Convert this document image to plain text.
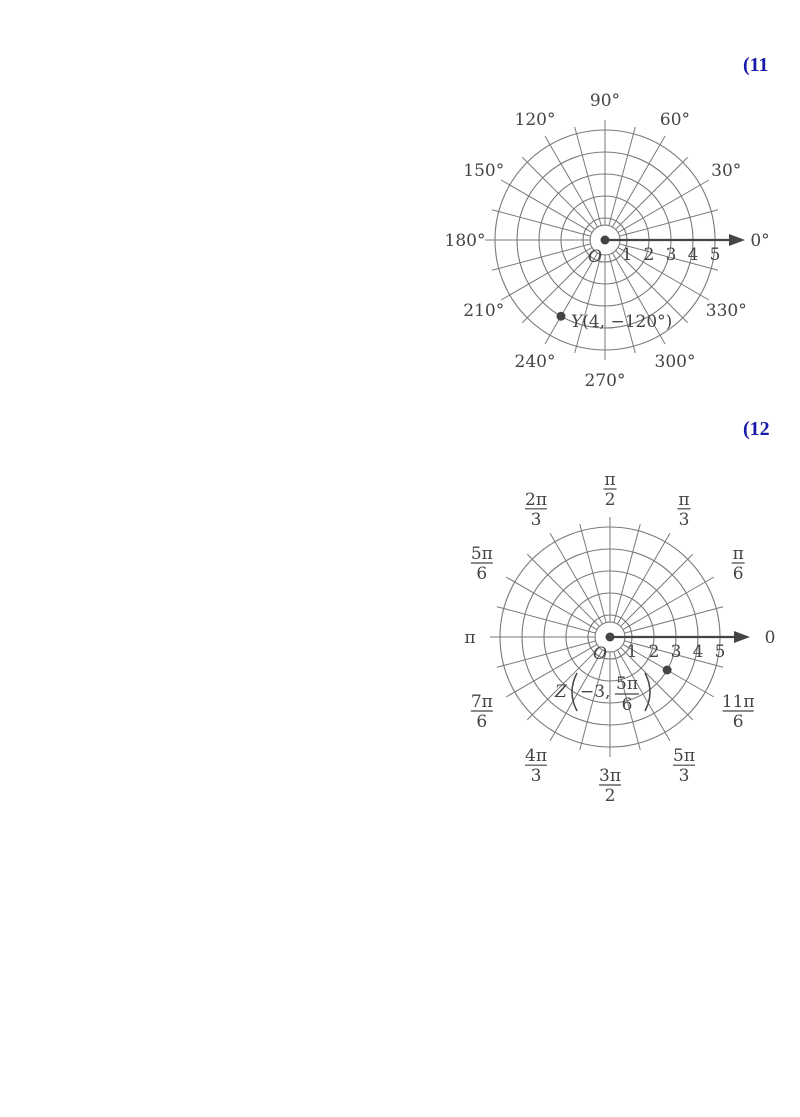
(11
O 1 2 3 4 5
0°
30°
60°
90°
120°
150°
180°
210°
240°
270°
300°
330°
Y(4, −120°)
(12
O 1 2 3 4 5
0
π
6
π
3
π
2
2π
3
5π
6
π
7π
6
4π
3	3π
2
5π
3
11π
6
Z −3, 5π
6
